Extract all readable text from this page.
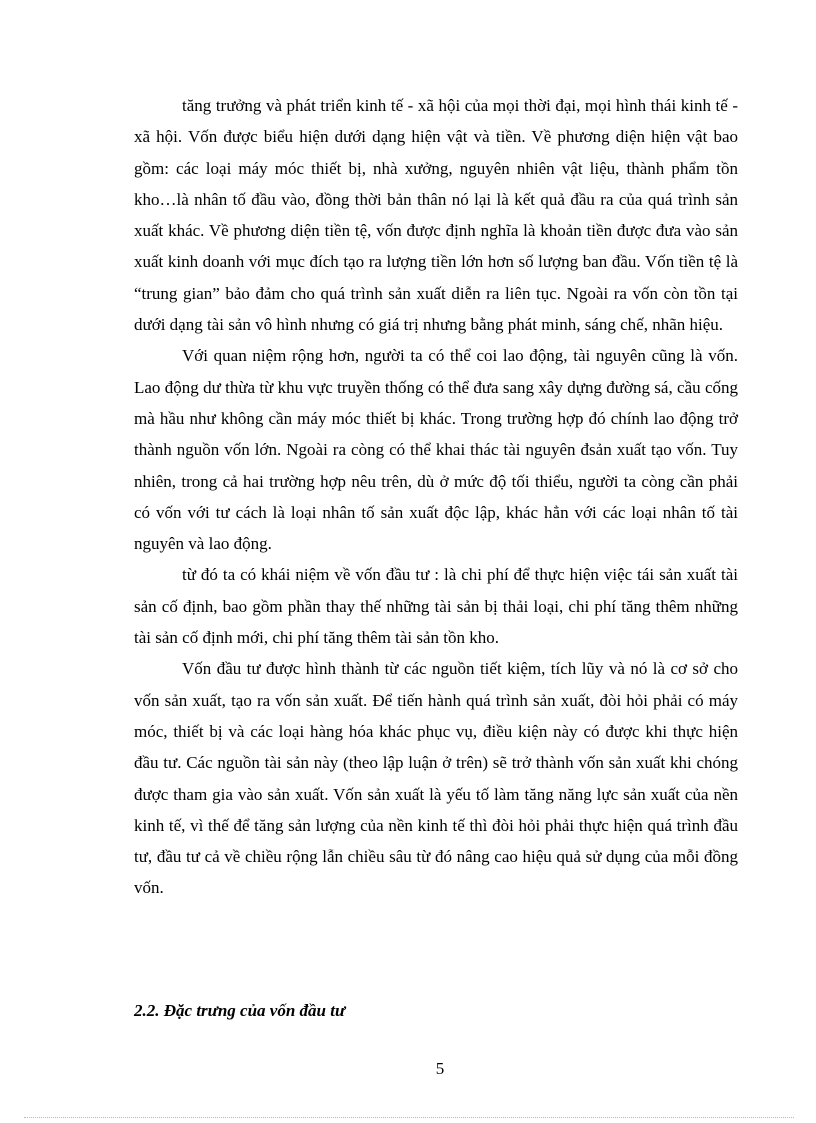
tăng trưởng và phát triển kinh tế - xã hội của mọi thời đại, mọi hình thái kinh tế - xã hội. Vốn được biểu hiện dưới dạng hiện vật và tiền. Về phương diện hiện vật bao gồm: các loại máy móc thiết bị, nhà xưởng, nguyên nhiên vật liệu, thành phẩm tồn kho…là nhân tố đầu vào, đồng thời bản thân nó lại là kết quả đầu ra của quá trình sản xuất khác. Về phương diện tiền tệ, vốn được định nghĩa là khoản tiền được đưa vào sản xuất kinh doanh với mục đích tạo ra lượng tiền lớn hơn số lượng ban đầu. Vốn tiền tệ là “trung gian” bảo đảm cho quá trình sản xuất diễn ra liên tục. Ngoài ra vốn còn tồn tại dưới dạng tài sản vô hình nhưng có giá trị nhưng bằng phát minh, sáng chế, nhãn hiệu.

Với quan niệm rộng hơn, người ta có thể coi lao động, tài nguyên cũng là vốn. Lao động dư thừa từ khu vực truyền thống có thể đưa sang xây dựng đường sá, cầu cống mà hầu như không cần máy móc thiết bị khác. Trong trường hợp đó chính lao động trở thành nguồn vốn lớn. Ngoài ra còng có thể khai thác tài nguyên đsản xuất tạo vốn. Tuy nhiên, trong cả hai trường hợp nêu trên, dù ở mức độ tối thiểu, người ta còng cần phải có vốn với tư cách là loại nhân tố sản xuất độc lập, khác hẳn với các loại nhân tố tài nguyên và lao động.

từ đó ta có khái niệm về vốn đầu tư : là chi phí để thực hiện việc tái sản xuất tài sản cố định, bao gồm phần thay thế những tài sản bị thải loại, chi phí tăng thêm những tài sản cố định mới, chi phí tăng thêm tài sản tồn kho.

Vốn đầu tư được hình thành từ các nguồn tiết kiệm, tích lũy và nó là cơ sở cho vốn sản xuất, tạo ra vốn sản xuất. Để tiến hành quá trình sản xuất, đòi hỏi phải có máy móc, thiết bị và các loại hàng hóa khác phục vụ, điều kiện này có được khi thực hiện đầu tư. Các nguồn tài sản này (theo lập luận ở trên) sẽ trở thành vốn sản xuất khi chóng được tham gia vào sản xuất. Vốn sản xuất là yếu tố làm tăng năng lực sản xuất của nền kinh tế, vì thế để tăng sản lượng của nền kinh tế thì đòi hỏi phải thực hiện quá trình đầu tư, đầu tư cả về chiều rộng lẫn chiều sâu từ đó nâng cao hiệu quả sử dụng của mỗi đồng vốn.

2.2. Đặc trưng của vốn đầu tư
5
